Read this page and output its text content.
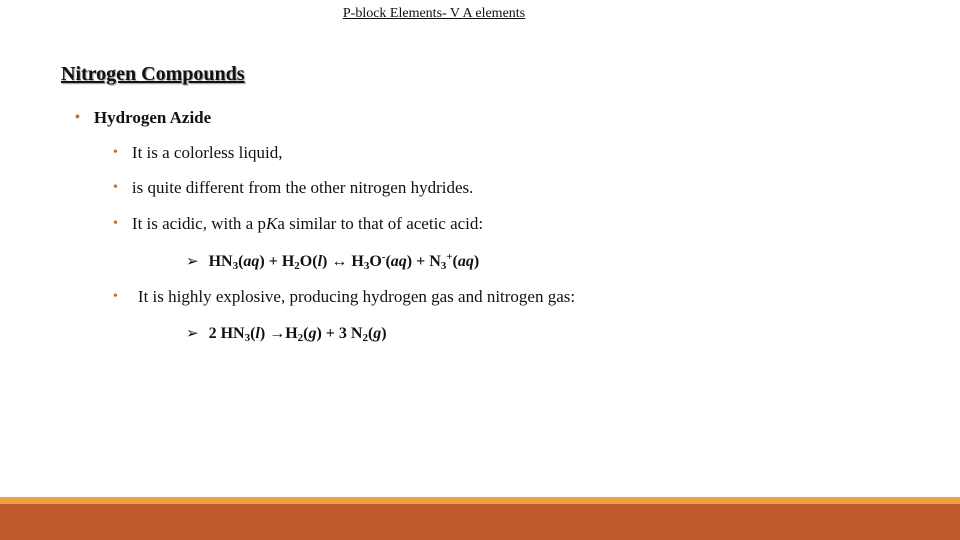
P-block Elements- V A elements
Nitrogen Compounds
• Hydrogen Azide
• It is a colorless liquid,
• is quite different from the other nitrogen hydrides.
• It is acidic, with a pKa similar to that of acetic acid:
➢ $HN_3(aq) + H_2O(l)$ ↔ $H_3O^-(aq) + N_3^+(aq)$
• It is highly explosive, producing hydrogen gas and nitrogen gas:
➢ 2 $HN_3(l) \to H_2(g) + 3$ $N_2(g)$
